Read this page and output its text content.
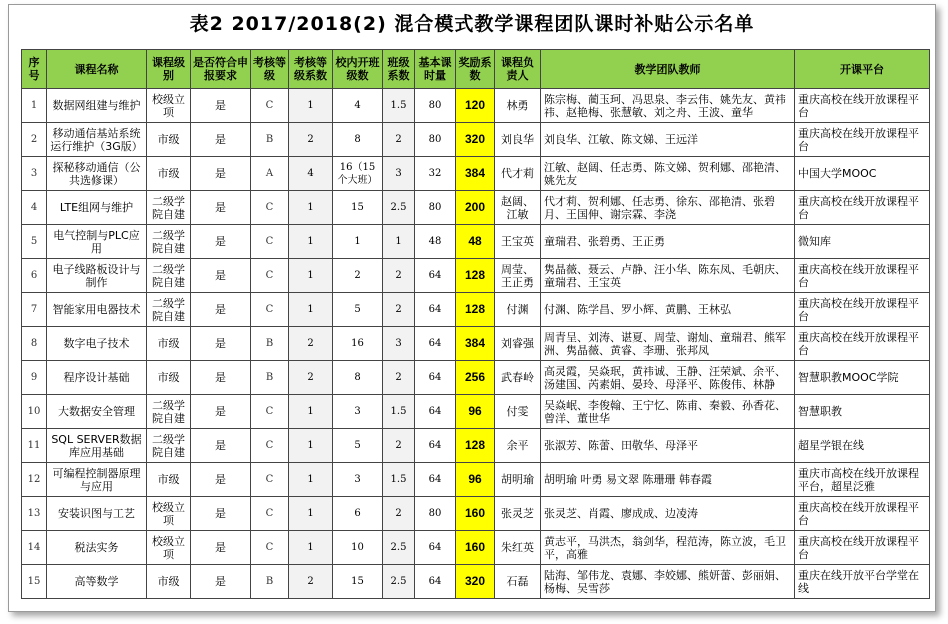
表2 2017/2018(2) 混合模式教学课程团队课时补贴公示名单
序号	课程名称	课程级别	是否符合申报要求	考核等级	考核等级系数	校内开班级数	班级系数	基本课时量	奖励系数	课程负责人	教学团队教师	开课平台
1	数据网组建与维护	校级立项	是	C	1	4	1.5	80	120	林勇	陈宗梅、蔺玉珂、冯思泉、李云伟、姚先友、黄祎祎、赵艳梅、张慧敏、刘之舟、王波、童华	重庆高校在线开放课程平台
2	移动通信基站系统运行维护（3G版）	市级	是	B	2	8	2	80	320	刘良华	刘良华、江敏、陈文娣、王远洋	重庆高校在线开放课程平台
3	探秘移动通信（公共选修课）	市级	是	A	4	16（15个大班）	3	32	384	代才莉	江敏、赵阔、任志勇、陈文娣、贺利娜、邵艳清、姚先友	中国大学MOOC
4	LTE组网与维护	二级学院自建	是	C	1	15	2.5	80	200	赵阔、江敏	代才莉、贺利娜、任志勇、徐东、邵艳清、张碧月、王国伸、谢宗霖、李浇	重庆高校在线开放课程平台
5	电气控制与PLC应用	二级学院自建	是	C	1	1	1	48	48	王宝英	童瑞君、张碧勇、王正勇	微知库
6	电子线路板设计与制作	二级学院自建	是	C	1	2	2	64	128	周莹、王正勇	隽晶薇、聂云、卢静、汪小华、陈东凤、毛朝庆、童瑞君、王宝英	重庆高校在线开放课程平台
7	智能家用电器技术	二级学院自建	是	C	1	5	2	64	128	付渊	付渊、陈学昌、罗小辉、黄鹏、王林弘	重庆高校在线开放课程平台
8	数字电子技术	市级	是	B	2	16	3	64	384	刘睿强	周青呈、刘涛、谌夏、周莹、谢灿、童瑞君、熊军洲、隽晶薇、黄睿、李珊、张邦凤	重庆高校在线开放课程平台
9	程序设计基础	市级	是	B	2	8	2	64	256	武春岭	高灵霞，吴焱珉，黄祎诚、王静、汪荣斌、余平、汤建国、芮素娟、晏玲、母泽平、陈俊伟、林静	智慧职教MOOC学院
10	大数据安全管理	二级学院自建	是	C	1	3	1.5	64	96	付雯	吴焱岷、李俊翰、王宁忆、陈甫、秦毅、孙香花、曾洋、董世华	智慧职教
11	SQL SERVER数据库应用基础	二级学院自建	是	C	1	5	2	64	128	余平	张淑芳、陈蕾、田敬华、母泽平	超星学银在线
12	可编程控制器原理与应用	市级	是	C	1	3	1.5	64	96	胡明瑜	胡明瑜 叶勇 易文翠 陈珊珊 韩春霞	重庆市高校在线开放课程平台，超星泛雅
13	安装识图与工艺	校级立项	是	C	1	6	2	80	160	张灵芝	张灵芝、肖霞、廖成成、边凌涛	重庆高校在线开放课程平台
14	税法实务	校级立项	是	C	1	10	2.5	64	160	朱红英	黄志平，马洪杰，翁剑华，程范涛，陈立波，毛卫平，高雅	重庆高校在线开放课程平台
15	高等数学	市级	是	B	2	15	2.5	64	320	石磊	陆海、邹伟龙、袁娜、李姣娜、熊妍蕾、彭丽娟、杨梅、吴雪莎	重庆在线开放平台学堂在线
